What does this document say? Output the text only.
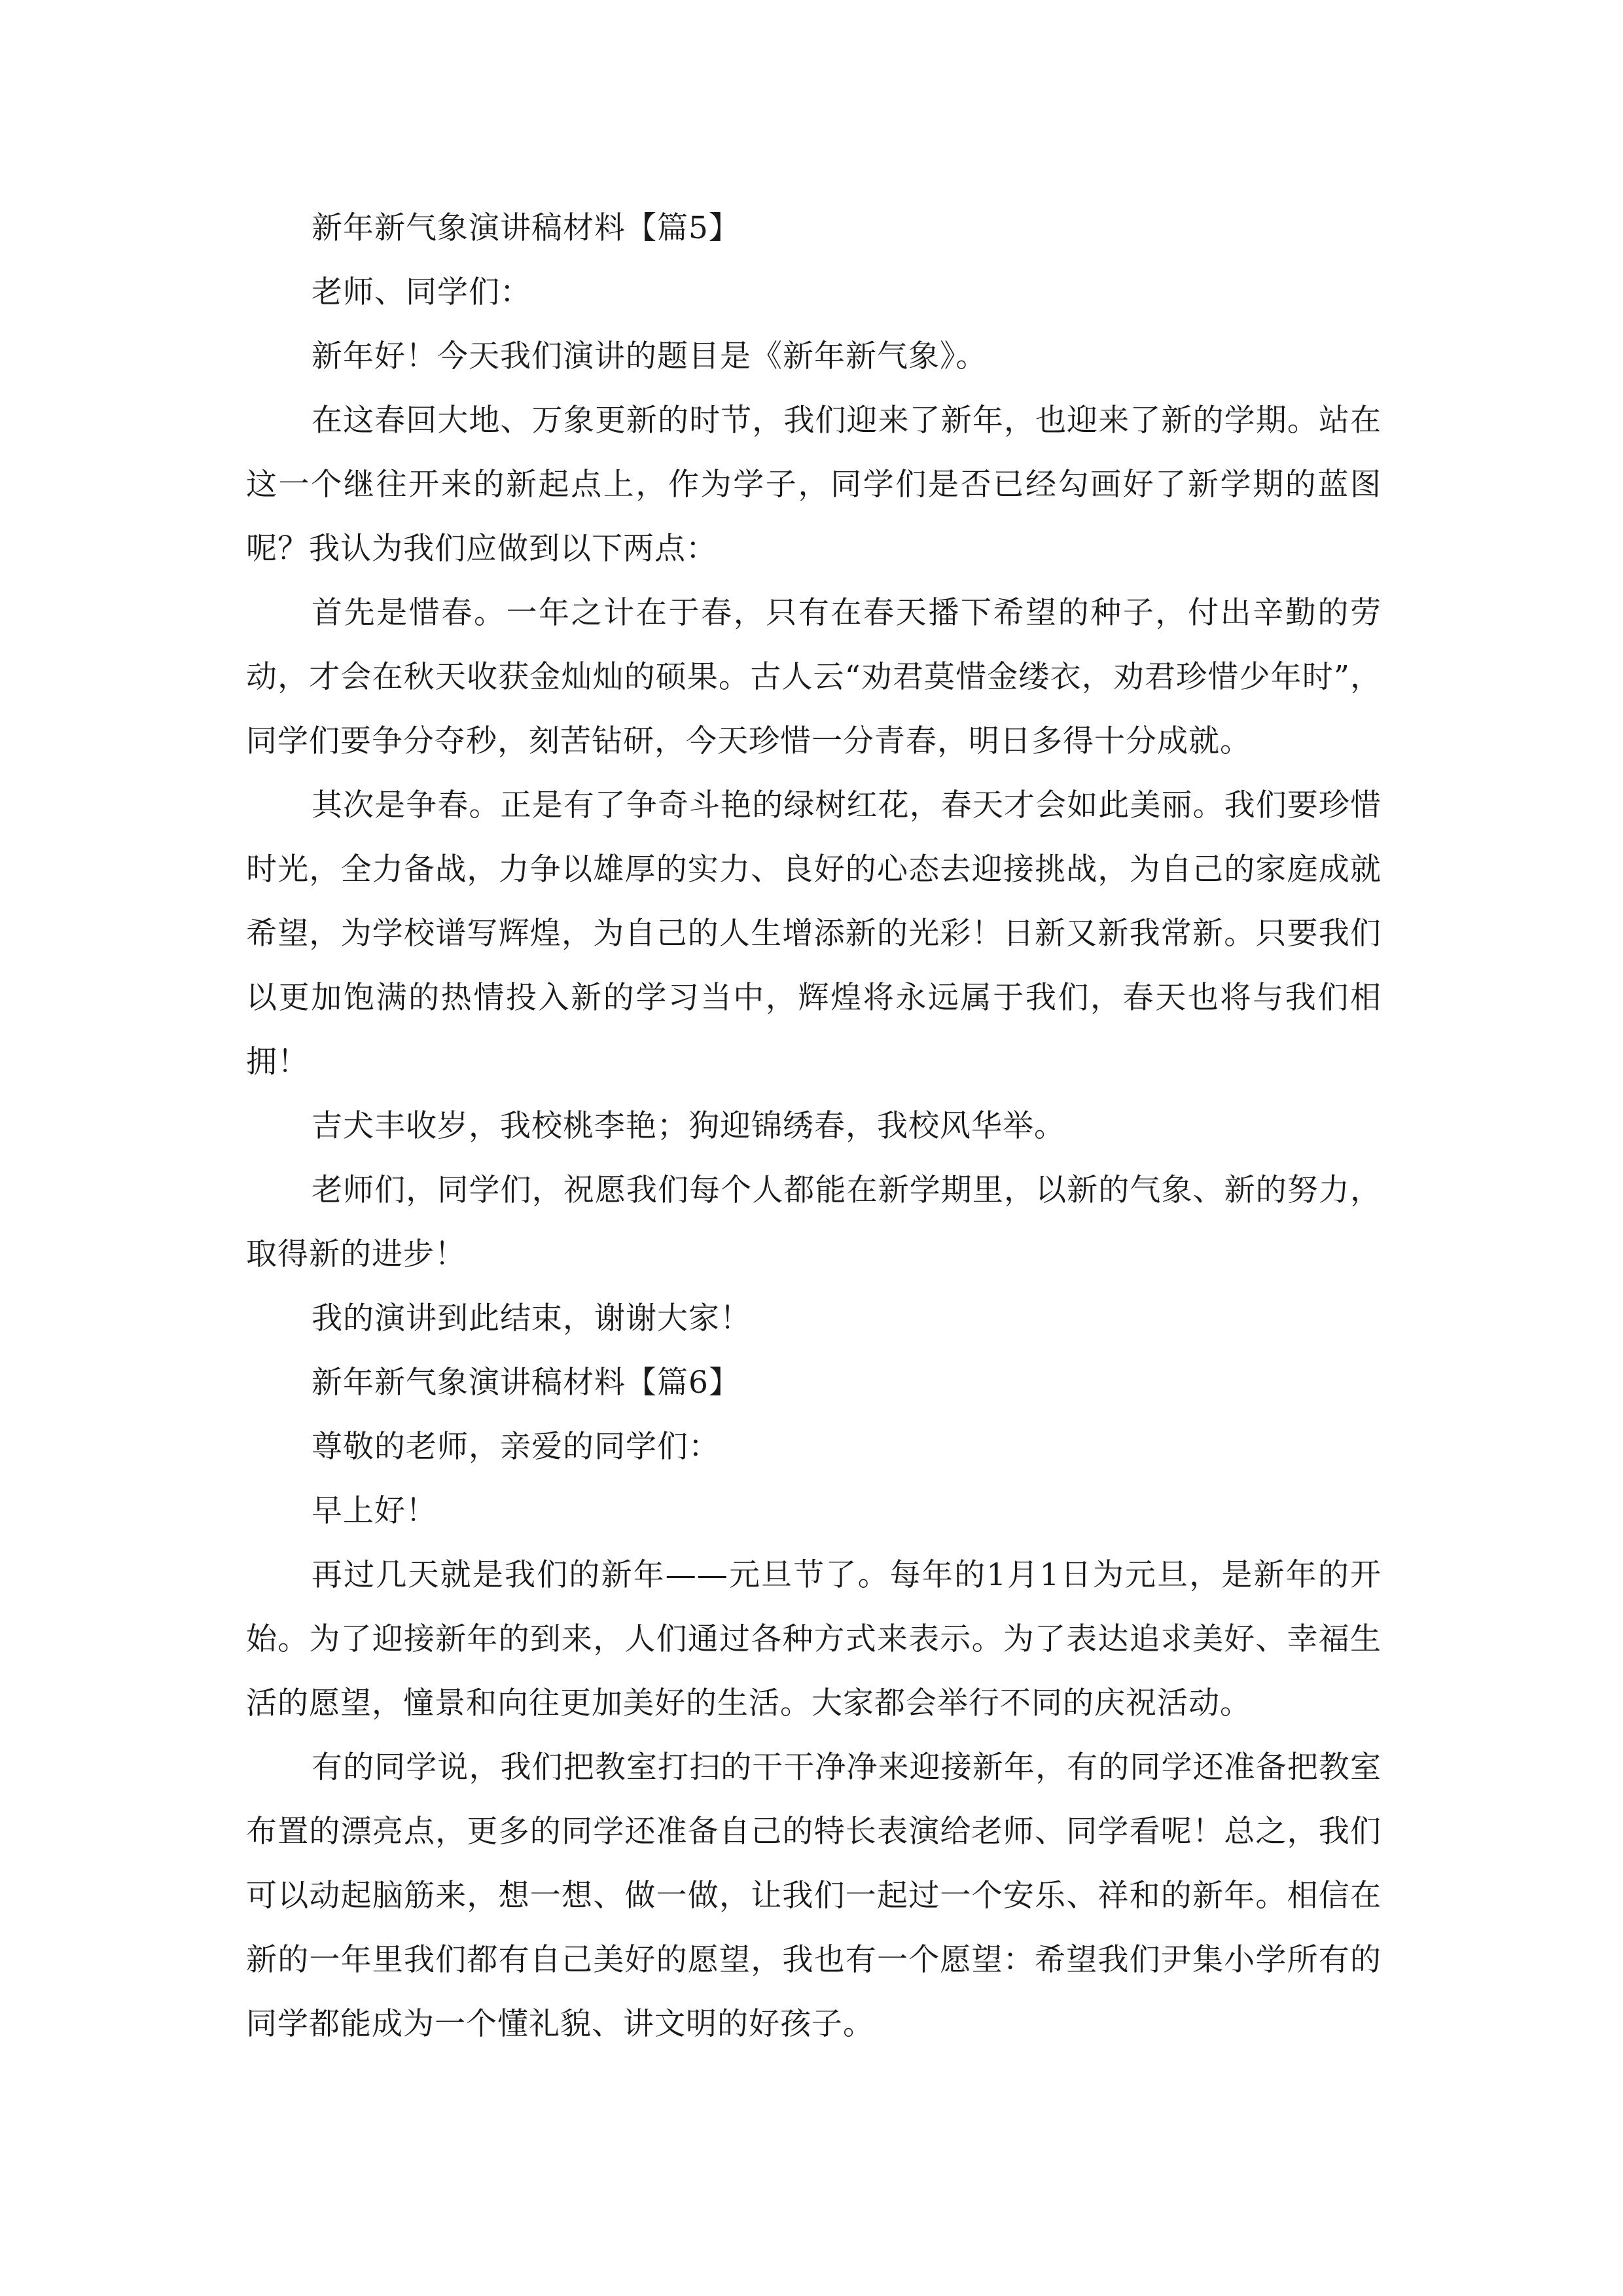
新年新气象演讲稿材料【篇5】

老师、同学们：

新年好！今天我们演讲的题目是《新年新气象》。

在这春回大地、万象更新的时节，我们迎来了新年，也迎来了新的学期。站在这一个继往开来的新起点上，作为学子，同学们是否已经勾画好了新学期的蓝图呢？我认为我们应做到以下两点：

首先是惜春。一年之计在于春，只有在春天播下希望的种子，付出辛勤的劳动，才会在秋天收获金灿灿的硕果。古人云“劝君莫惜金缕衣，劝君珍惜少年时”，同学们要争分夺秒，刻苦钻研，今天珍惜一分青春，明日多得十分成就。

其次是争春。正是有了争奇斗艳的绿树红花，春天才会如此美丽。我们要珍惜时光，全力备战，力争以雄厚的实力、良好的心态去迎接挑战，为自己的家庭成就希望，为学校谱写辉煌，为自己的人生增添新的光彩！日新又新我常新。只要我们以更加饱满的热情投入新的学习当中，辉煌将永远属于我们，春天也将与我们相拥！

吉犬丰收岁，我校桃李艳；狗迎锦绣春，我校风华举。

老师们，同学们，祝愿我们每个人都能在新学期里，以新的气象、新的努力，取得新的进步！

我的演讲到此结束，谢谢大家！

新年新气象演讲稿材料【篇6】

尊敬的老师，亲爱的同学们：

早上好！

再过几天就是我们的新年——元旦节了。每年的1月1日为元旦，是新年的开始。为了迎接新年的到来，人们通过各种方式来表示。为了表达追求美好、幸福生活的愿望，憧景和向往更加美好的生活。大家都会举行不同的庆祝活动。

有的同学说，我们把教室打扫的干干净净来迎接新年，有的同学还准备把教室布置的漂亮点，更多的同学还准备自己的特长表演给老师、同学看呢！总之，我们可以动起脑筋来，想一想、做一做，让我们一起过一个安乐、祥和的新年。相信在新的一年里我们都有自己美好的愿望，我也有一个愿望：希望我们尹集小学所有的同学都能成为一个懂礼貌、讲文明的好孩子。
